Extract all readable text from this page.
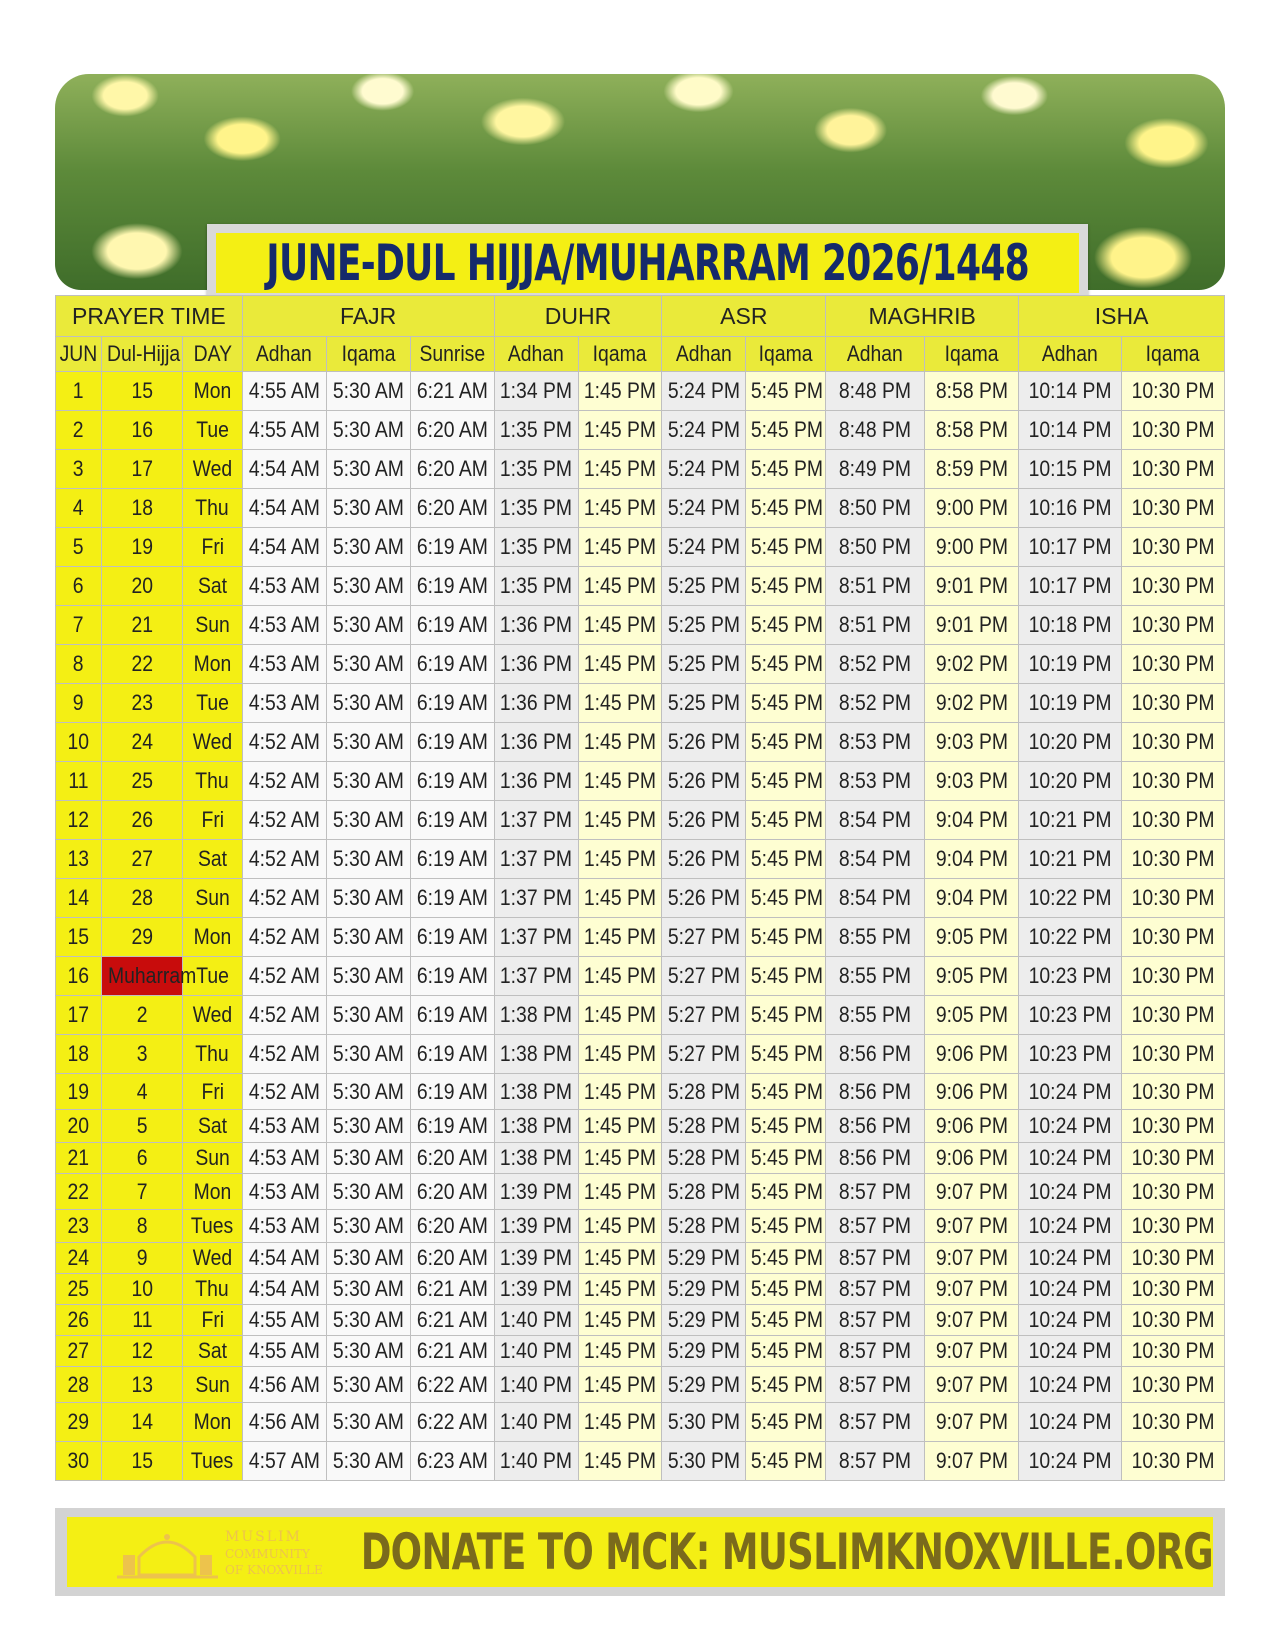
JUNE-DUL HIJJA/MUHARRAM 2026/1448
PRAYER TIME			FAJR			DUHR		ASR		MAGHRIB		ISHA	
JUN	Dul-Hijja	DAY	Adhan	Iqama	Sunrise	Adhan	Iqama	Adhan	Iqama	Adhan	Iqama	Adhan	Iqama
1	15	Mon	4:55 AM	5:30 AM	6:21 AM	1:34 PM	1:45 PM	5:24 PM	5:45 PM	8:48 PM	8:58 PM	10:14 PM	10:30 PM
2	16	Tue	4:55 AM	5:30 AM	6:20 AM	1:35 PM	1:45 PM	5:24 PM	5:45 PM	8:48 PM	8:58 PM	10:14 PM	10:30 PM
3	17	Wed	4:54 AM	5:30 AM	6:20 AM	1:35 PM	1:45 PM	5:24 PM	5:45 PM	8:49 PM	8:59 PM	10:15 PM	10:30 PM
4	18	Thu	4:54 AM	5:30 AM	6:20 AM	1:35 PM	1:45 PM	5:24 PM	5:45 PM	8:50 PM	9:00 PM	10:16 PM	10:30 PM
5	19	Fri	4:54 AM	5:30 AM	6:19 AM	1:35 PM	1:45 PM	5:24 PM	5:45 PM	8:50 PM	9:00 PM	10:17 PM	10:30 PM
6	20	Sat	4:53 AM	5:30 AM	6:19 AM	1:35 PM	1:45 PM	5:25 PM	5:45 PM	8:51 PM	9:01 PM	10:17 PM	10:30 PM
7	21	Sun	4:53 AM	5:30 AM	6:19 AM	1:36 PM	1:45 PM	5:25 PM	5:45 PM	8:51 PM	9:01 PM	10:18 PM	10:30 PM
8	22	Mon	4:53 AM	5:30 AM	6:19 AM	1:36 PM	1:45 PM	5:25 PM	5:45 PM	8:52 PM	9:02 PM	10:19 PM	10:30 PM
9	23	Tue	4:53 AM	5:30 AM	6:19 AM	1:36 PM	1:45 PM	5:25 PM	5:45 PM	8:52 PM	9:02 PM	10:19 PM	10:30 PM
10	24	Wed	4:52 AM	5:30 AM	6:19 AM	1:36 PM	1:45 PM	5:26 PM	5:45 PM	8:53 PM	9:03 PM	10:20 PM	10:30 PM
11	25	Thu	4:52 AM	5:30 AM	6:19 AM	1:36 PM	1:45 PM	5:26 PM	5:45 PM	8:53 PM	9:03 PM	10:20 PM	10:30 PM
12	26	Fri	4:52 AM	5:30 AM	6:19 AM	1:37 PM	1:45 PM	5:26 PM	5:45 PM	8:54 PM	9:04 PM	10:21 PM	10:30 PM
13	27	Sat	4:52 AM	5:30 AM	6:19 AM	1:37 PM	1:45 PM	5:26 PM	5:45 PM	8:54 PM	9:04 PM	10:21 PM	10:30 PM
14	28	Sun	4:52 AM	5:30 AM	6:19 AM	1:37 PM	1:45 PM	5:26 PM	5:45 PM	8:54 PM	9:04 PM	10:22 PM	10:30 PM
15	29	Mon	4:52 AM	5:30 AM	6:19 AM	1:37 PM	1:45 PM	5:27 PM	5:45 PM	8:55 PM	9:05 PM	10:22 PM	10:30 PM
16	Muharram	Tue	4:52 AM	5:30 AM	6:19 AM	1:37 PM	1:45 PM	5:27 PM	5:45 PM	8:55 PM	9:05 PM	10:23 PM	10:30 PM
17	2	Wed	4:52 AM	5:30 AM	6:19 AM	1:38 PM	1:45 PM	5:27 PM	5:45 PM	8:55 PM	9:05 PM	10:23 PM	10:30 PM
18	3	Thu	4:52 AM	5:30 AM	6:19 AM	1:38 PM	1:45 PM	5:27 PM	5:45 PM	8:56 PM	9:06 PM	10:23 PM	10:30 PM
19	4	Fri	4:52 AM	5:30 AM	6:19 AM	1:38 PM	1:45 PM	5:28 PM	5:45 PM	8:56 PM	9:06 PM	10:24 PM	10:30 PM
20	5	Sat	4:53 AM	5:30 AM	6:19 AM	1:38 PM	1:45 PM	5:28 PM	5:45 PM	8:56 PM	9:06 PM	10:24 PM	10:30 PM
21	6	Sun	4:53 AM	5:30 AM	6:20 AM	1:38 PM	1:45 PM	5:28 PM	5:45 PM	8:56 PM	9:06 PM	10:24 PM	10:30 PM
22	7	Mon	4:53 AM	5:30 AM	6:20 AM	1:39 PM	1:45 PM	5:28 PM	5:45 PM	8:57 PM	9:07 PM	10:24 PM	10:30 PM
23	8	Tues	4:53 AM	5:30 AM	6:20 AM	1:39 PM	1:45 PM	5:28 PM	5:45 PM	8:57 PM	9:07 PM	10:24 PM	10:30 PM
24	9	Wed	4:54 AM	5:30 AM	6:20 AM	1:39 PM	1:45 PM	5:29 PM	5:45 PM	8:57 PM	9:07 PM	10:24 PM	10:30 PM
25	10	Thu	4:54 AM	5:30 AM	6:21 AM	1:39 PM	1:45 PM	5:29 PM	5:45 PM	8:57 PM	9:07 PM	10:24 PM	10:30 PM
26	11	Fri	4:55 AM	5:30 AM	6:21 AM	1:40 PM	1:45 PM	5:29 PM	5:45 PM	8:57 PM	9:07 PM	10:24 PM	10:30 PM
27	12	Sat	4:55 AM	5:30 AM	6:21 AM	1:40 PM	1:45 PM	5:29 PM	5:45 PM	8:57 PM	9:07 PM	10:24 PM	10:30 PM
28	13	Sun	4:56 AM	5:30 AM	6:22 AM	1:40 PM	1:45 PM	5:29 PM	5:45 PM	8:57 PM	9:07 PM	10:24 PM	10:30 PM
29	14	Mon	4:56 AM	5:30 AM	6:22 AM	1:40 PM	1:45 PM	5:30 PM	5:45 PM	8:57 PM	9:07 PM	10:24 PM	10:30 PM
30	15	Tues	4:57 AM	5:30 AM	6:23 AM	1:40 PM	1:45 PM	5:30 PM	5:45 PM	8:57 PM	9:07 PM	10:24 PM	10:30 PM
MUSLIM
COMMUNITY
OF KNOXVILLE DONATE TO MCK: MUSLIMKNOXVILLE.ORG
